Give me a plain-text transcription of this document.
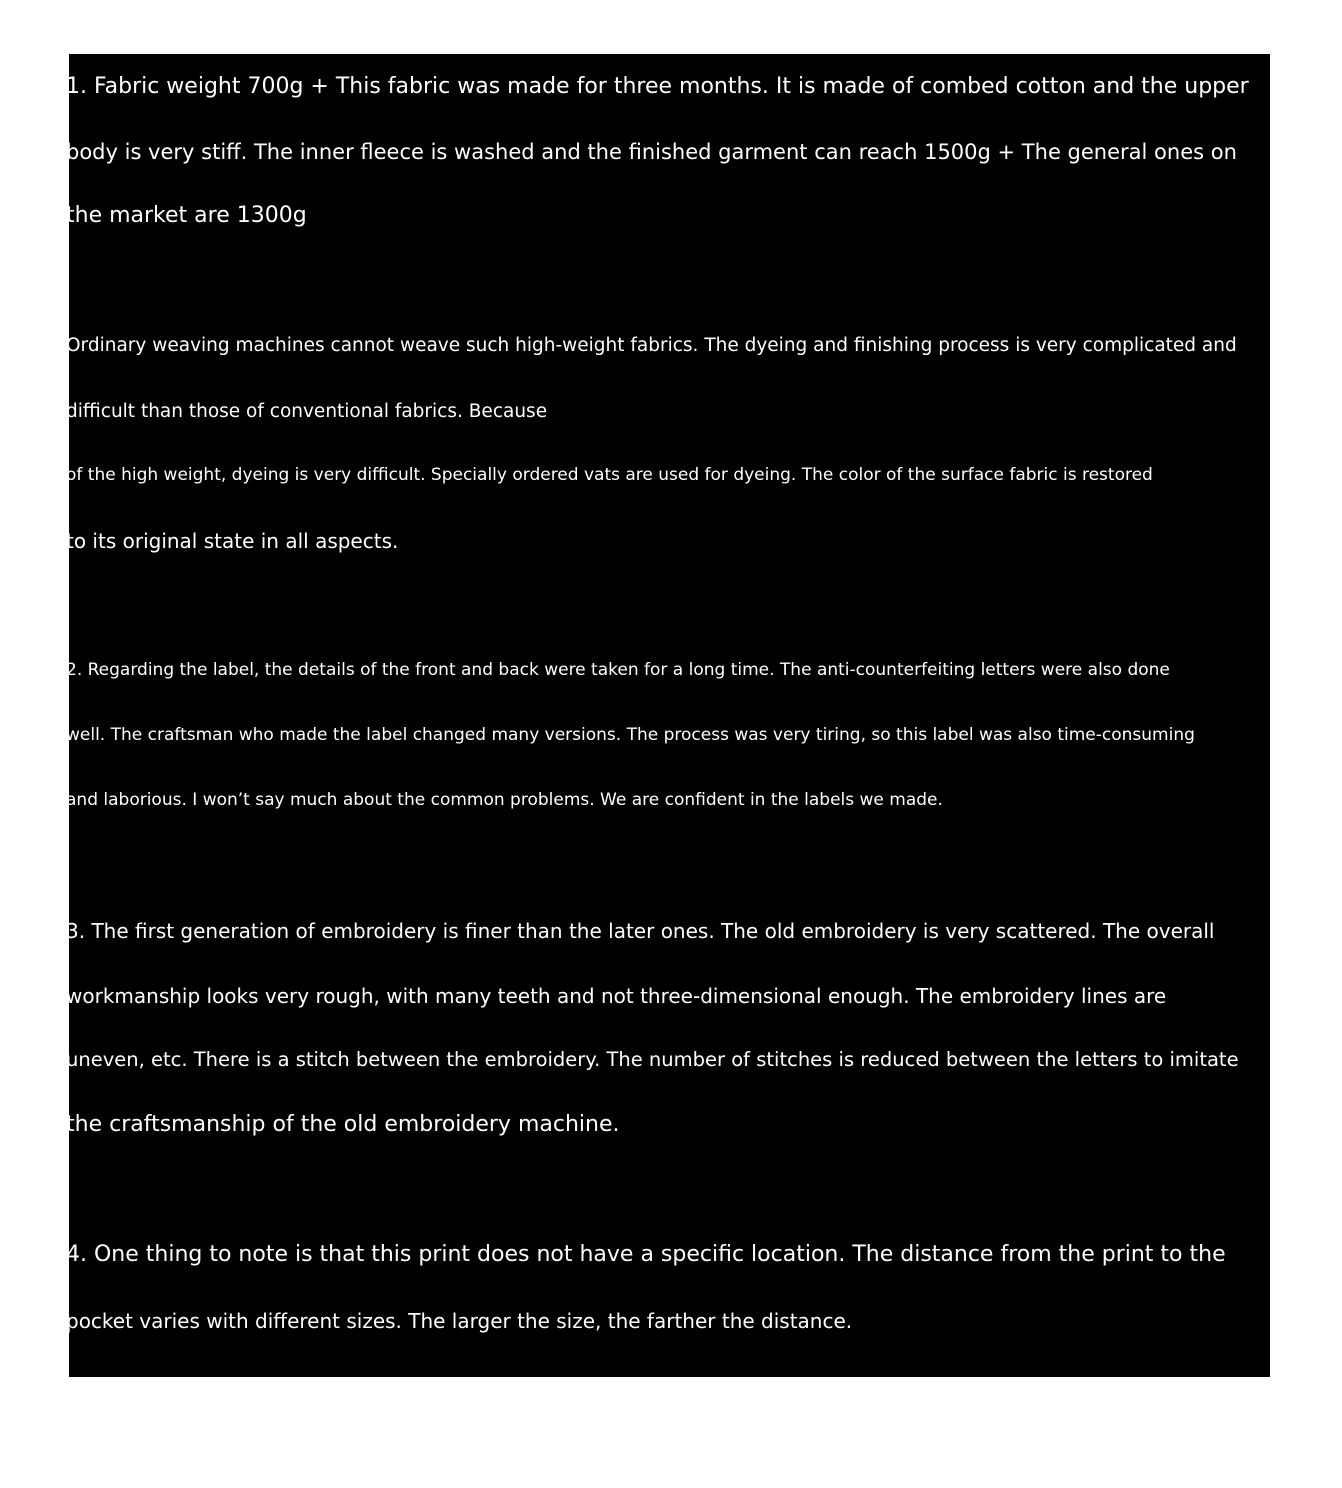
1. Fabric weight 700g + This fabric was made for three months. It is made of combed cotton and the upper
body is very stiff. The inner fleece is washed and the finished garment can reach 1500g + The general ones on
the market are 1300g
Ordinary weaving machines cannot weave such high-weight fabrics. The dyeing and finishing process is very complicated and
difficult than those of conventional fabrics. Because
of the high weight, dyeing is very difficult. Specially ordered vats are used for dyeing. The color of the surface fabric is restored
to its original state in all aspects.
2. Regarding the label, the details of the front and back were taken for a long time. The anti-counterfeiting letters were also done
well. The craftsman who made the label changed many versions. The process was very tiring, so this label was also time-consuming
and laborious. I won’t say much about the common problems. We are confident in the labels we made.
3. The first generation of embroidery is finer than the later ones. The old embroidery is very scattered. The overall
workmanship looks very rough, with many teeth and not three-dimensional enough. The embroidery lines are
uneven, etc. There is a stitch between the embroidery. The number of stitches is reduced between the letters to imitate
the craftsmanship of the old embroidery machine.
4. One thing to note is that this print does not have a specific location. The distance from the print to the
pocket varies with different sizes. The larger the size, the farther the distance.
